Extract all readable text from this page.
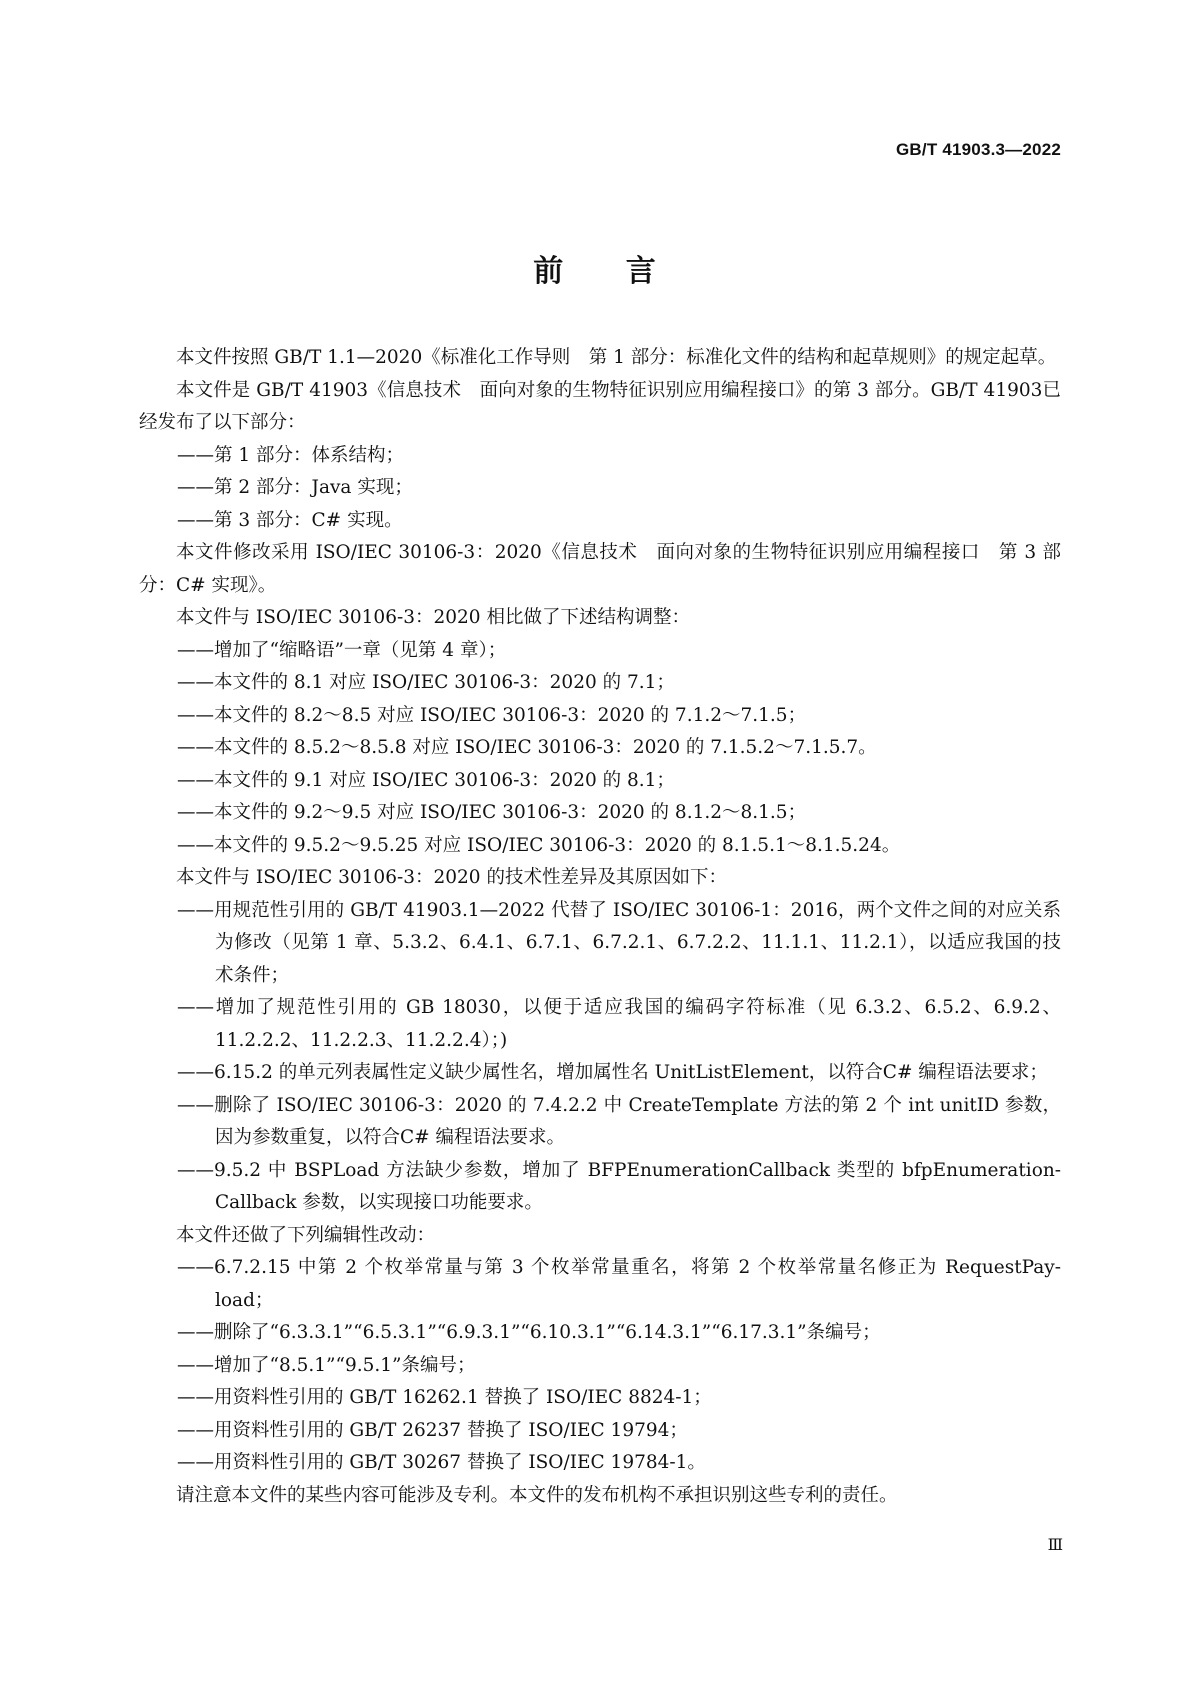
GB/T 41903.3—2022
前 言

本文件按照 GB/T 1.1—2020《标准化工作导则　第 1 部分：标准化文件的结构和起草规则》的规定起草。

本文件是 GB/T 41903《信息技术　面向对象的生物特征识别应用编程接口》的第 3 部分。GB/T 41903已经发布了以下部分：

——第 1 部分：体系结构；

——第 2 部分：Java 实现；

——第 3 部分：C# 实现。

本文件修改采用 ISO/IEC 30106-3：2020《信息技术　面向对象的生物特征识别应用编程接口　第 3 部分：C# 实现》。

本文件与 ISO/IEC 30106-3：2020 相比做了下述结构调整：

——增加了“缩略语”一章（见第 4 章）；

——本文件的 8.1 对应 ISO/IEC 30106-3：2020 的 7.1；

——本文件的 8.2～8.5 对应 ISO/IEC 30106-3：2020 的 7.1.2～7.1.5；

——本文件的 8.5.2～8.5.8 对应 ISO/IEC 30106-3：2020 的 7.1.5.2～7.1.5.7。

——本文件的 9.1 对应 ISO/IEC 30106-3：2020 的 8.1；

——本文件的 9.2～9.5 对应 ISO/IEC 30106-3：2020 的 8.1.2～8.1.5；

——本文件的 9.5.2～9.5.25 对应 ISO/IEC 30106-3：2020 的 8.1.5.1～8.1.5.24。

本文件与 ISO/IEC 30106-3：2020 的技术性差异及其原因如下：

——用规范性引用的 GB/T 41903.1—2022 代替了 ISO/IEC 30106-1：2016，两个文件之间的对应关系为修改（见第 1 章、5.3.2、6.4.1、6.7.1、6.7.2.1、6.7.2.2、11.1.1、11.2.1），以适应我国的技术条件；

——增加了规范性引用的 GB 18030，以便于适应我国的编码字符标准（见 6.3.2、6.5.2、6.9.2、11.2.2.2、11.2.2.3、11.2.2.4）；)

——6.15.2 的单元列表属性定义缺少属性名，增加属性名 UnitListElement，以符合C# 编程语法要求；

——删除了 ISO/IEC 30106-3：2020 的 7.4.2.2 中 CreateTemplate 方法的第 2 个 int unitID 参数，因为参数重复，以符合C# 编程语法要求。

——9.5.2 中 BSPLoad 方法缺少参数，增加了 BFPEnumerationCallback 类型的 bfpEnumeration-Callback 参数，以实现接口功能要求。

本文件还做了下列编辑性改动：

——6.7.2.15 中第 2 个枚举常量与第 3 个枚举常量重名，将第 2 个枚举常量名修正为 RequestPay-load；

——删除了“6.3.3.1”“6.5.3.1”“6.9.3.1”“6.10.3.1”“6.14.3.1”“6.17.3.1”条编号；

——增加了“8.5.1”“9.5.1”条编号；

——用资料性引用的 GB/T 16262.1 替换了 ISO/IEC 8824-1；

——用资料性引用的 GB/T 26237 替换了 ISO/IEC 19794；

——用资料性引用的 GB/T 30267 替换了 ISO/IEC 19784-1。

请注意本文件的某些内容可能涉及专利。本文件的发布机构不承担识别这些专利的责任。

Ⅲ
